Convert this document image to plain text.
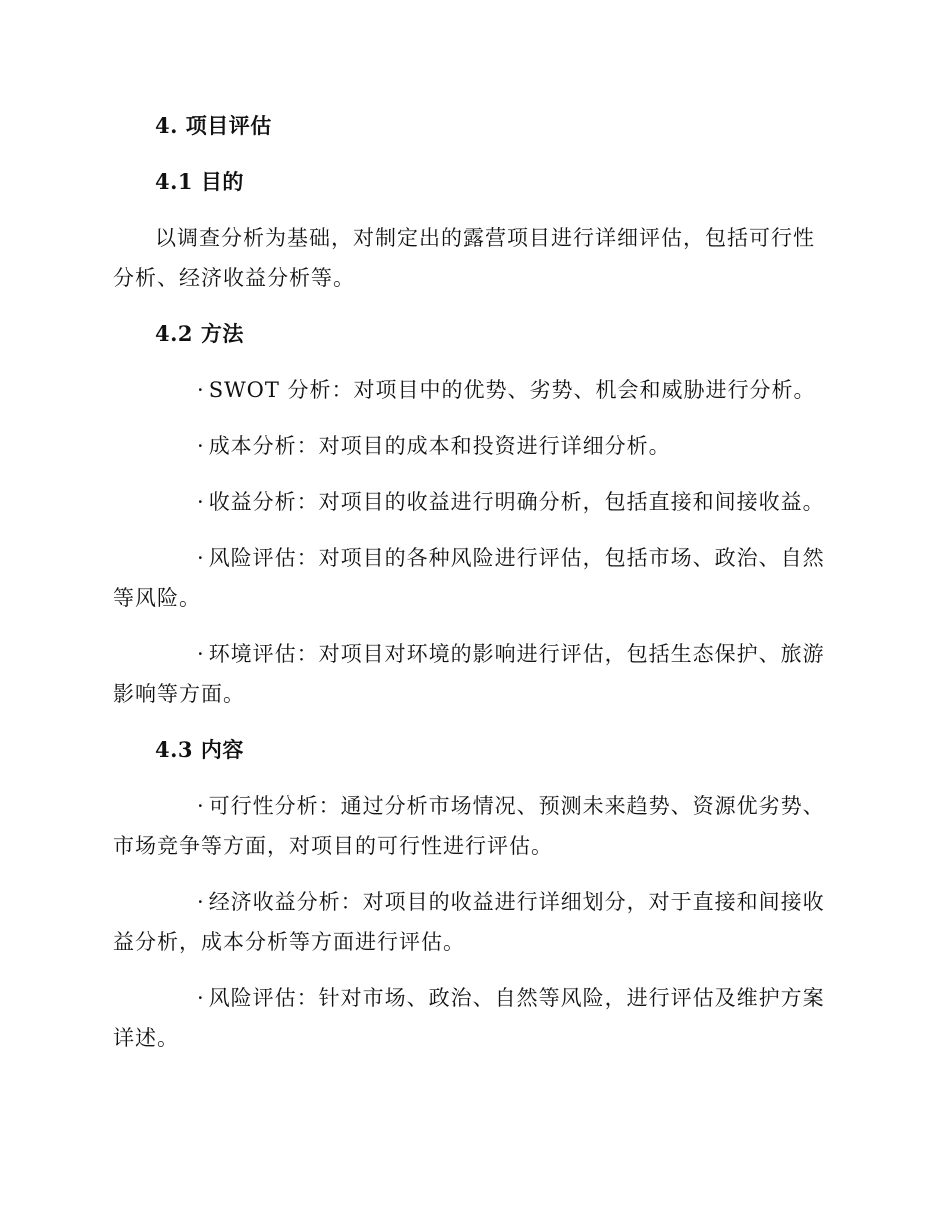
4. 项目评估

4.1 目的

以调查分析为基础，对制定出的露营项目进行详细评估，包括可行性分析、经济收益分析等。

4.2 方法

· SWOT 分析：对项目中的优势、劣势、机会和威胁进行分析。

· 成本分析：对项目的成本和投资进行详细分析。

· 收益分析：对项目的收益进行明确分析，包括直接和间接收益。

· 风险评估：对项目的各种风险进行评估，包括市场、政治、自然等风险。

· 环境评估：对项目对环境的影响进行评估，包括生态保护、旅游影响等方面。

4.3 内容

· 可行性分析：通过分析市场情况、预测未来趋势、资源优劣势、市场竞争等方面，对项目的可行性进行评估。

· 经济收益分析：对项目的收益进行详细划分，对于直接和间接收益分析，成本分析等方面进行评估。

· 风险评估：针对市场、政治、自然等风险，进行评估及维护方案详述。
